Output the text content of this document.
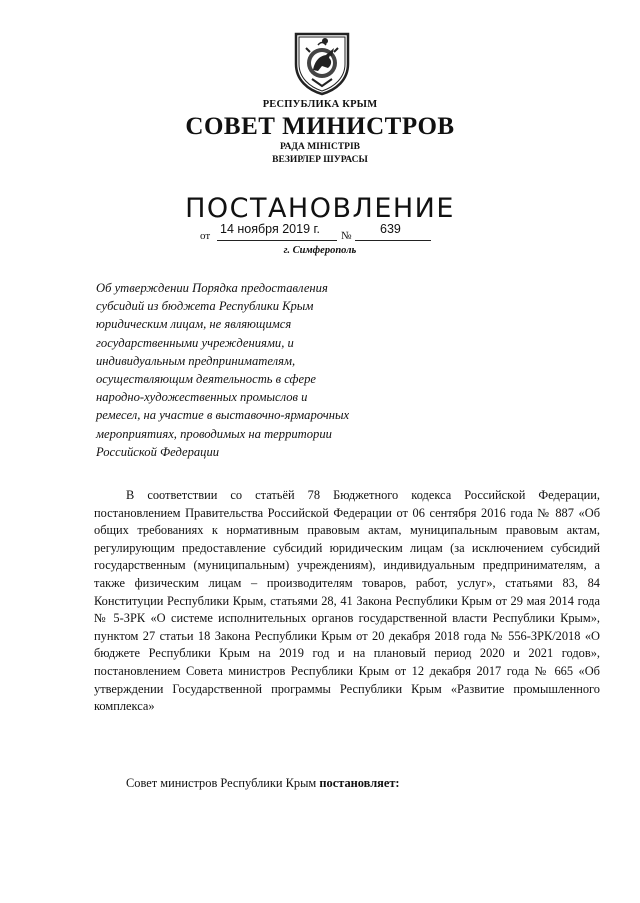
РЕСПУБЛИКА КРЫМ
СОВЕТ МИНИСТРОВ
РАДА МІНІСТРІВ
ВЕЗИРЛЕР ШУРАСЫ
ПОСТАНОВЛЕНИЕ
от 14 ноября 2019 г. № 639
г. Симферополь
Об утверждении Порядка предоставления
субсидий из бюджета Республики Крым
юридическим лицам, не являющимся
государственными учреждениями, и
индивидуальным предпринимателям,
осуществляющим деятельность в сфере
народно-художественных промыслов и
ремесел, на участие в выставочно-ярмарочных
мероприятиях, проводимых на территории
Российской Федерации
В соответствии со статьёй 78 Бюджетного кодекса Российской Федерации, постановлением Правительства Российской Федерации от 06 сентября 2016 года № 887 «Об общих требованиях к нормативным правовым актам, муниципальным правовым актам, регулирующим предоставление субсидий юридическим лицам (за исключением субсидий государственным (муниципальным) учреждениям), индивидуальным предпринимателям, а также физическим лицам – производителям товаров, работ, услуг», статьями 83, 84 Конституции Республики Крым, статьями 28, 41 Закона Республики Крым от 29 мая 2014 года № 5-ЗРК «О системе исполнительных органов государственной власти Республики Крым», пунктом 27 статьи 18 Закона Республики Крым от 20 декабря 2018 года № 556-ЗРК/2018 «О бюджете Республики Крым на 2019 год и на плановый период 2020 и 2021 годов», постановлением Совета министров Республики Крым от 12 декабря 2017 года № 665 «Об утверждении Государственной программы Республики Крым «Развитие промышленного комплекса»
Совет министров Республики Крым постановляет:
